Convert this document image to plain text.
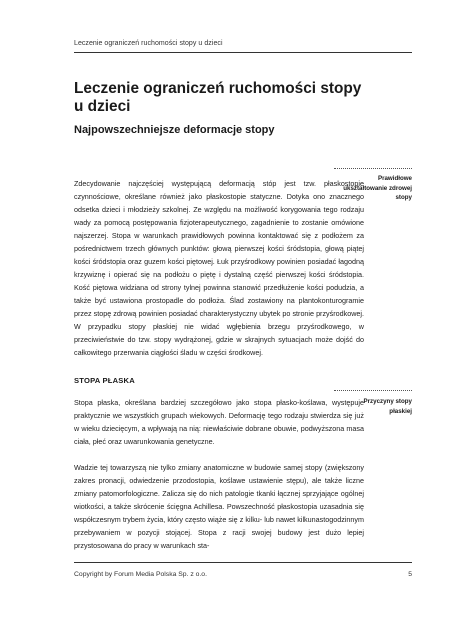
Leczenie ograniczeń ruchomości stopy u dzieci
Leczenie ograniczeń ruchomości stopy u dzieci
Najpowszechniejsze deformacje stopy
Prawidłowe ukształtowanie zdrowej stopy

Zdecydowanie najczęściej występującą deformacją stóp jest tzw. płaskostopie czynnościowe, określane również jako płaskostopie statyczne. Dotyka ono znacznego odsetka dzieci i młodzieży szkolnej. Ze względu na możliwość korygowania tego rodzaju wady za pomocą postępowania fizjoterapeutycznego, zagadnienie to zostanie omówione najszerzej. Stopa w warunkach prawidłowych powinna kontaktować się z podłożem za pośrednictwem trzech głównych punktów: głową pierwszej kości śródstopia, głową piątej kości śródstopia oraz guzem kości piętowej. Łuk przyśrodkowy powinien posiadać łagodną krzywiznę i opierać się na podłożu o piętę i dystalną część pierwszej kości śródstopia. Kość piętowa widziana od strony tylnej powinna stanowić przedłużenie kości podudzia, a także być ustawiona prostopadle do podłoża. Ślad zostawiony na plantokonturogramie przez stopę zdrową powinien posiadać charakterystyczny ubytek po stronie przyśrodkowej. W przypadku stopy płaskiej nie widać wgłębienia brzegu przyśrodkowego, w przeciwieństwie do tzw. stopy wydrążonej, gdzie w skrajnych sytuacjach może dojść do całkowitego przerwania ciągłości śladu w części środkowej.

STOPA PŁASKA
Przyczyny stopy płaskiej

Stopa płaska, określana bardziej szczegółowo jako stopa płasko-koślawa, występuje praktycznie we wszystkich grupach wiekowych. Deformację tego rodzaju stwierdza się już w wieku dziecięcym, a wpływają na nią: niewłaściwie dobrane obuwie, podwyższona masa ciała, płeć oraz uwarunkowania genetyczne.

Wadzie tej towarzyszą nie tylko zmiany anatomiczne w budowie samej stopy (zwiększony zakres pronacji, odwiedzenie przodostopia, koślawe ustawienie stępu), ale także liczne zmiany patomorfologiczne. Zalicza się do nich patologie tkanki łącznej sprzyjające ogólnej wiotkości, a także skrócenie ścięgna Achillesa. Powszechność płaskostopia uzasadnia się współczesnym trybem życia, który często wiąże się z kilku- lub nawet kilkunastogodzinnym przebywaniem w pozycji stojącej. Stopa z racji swojej budowy jest dużo lepiej przystosowana do pracy w warunkach sta-

Copyright by Forum Media Polska Sp. z o.o.	5
